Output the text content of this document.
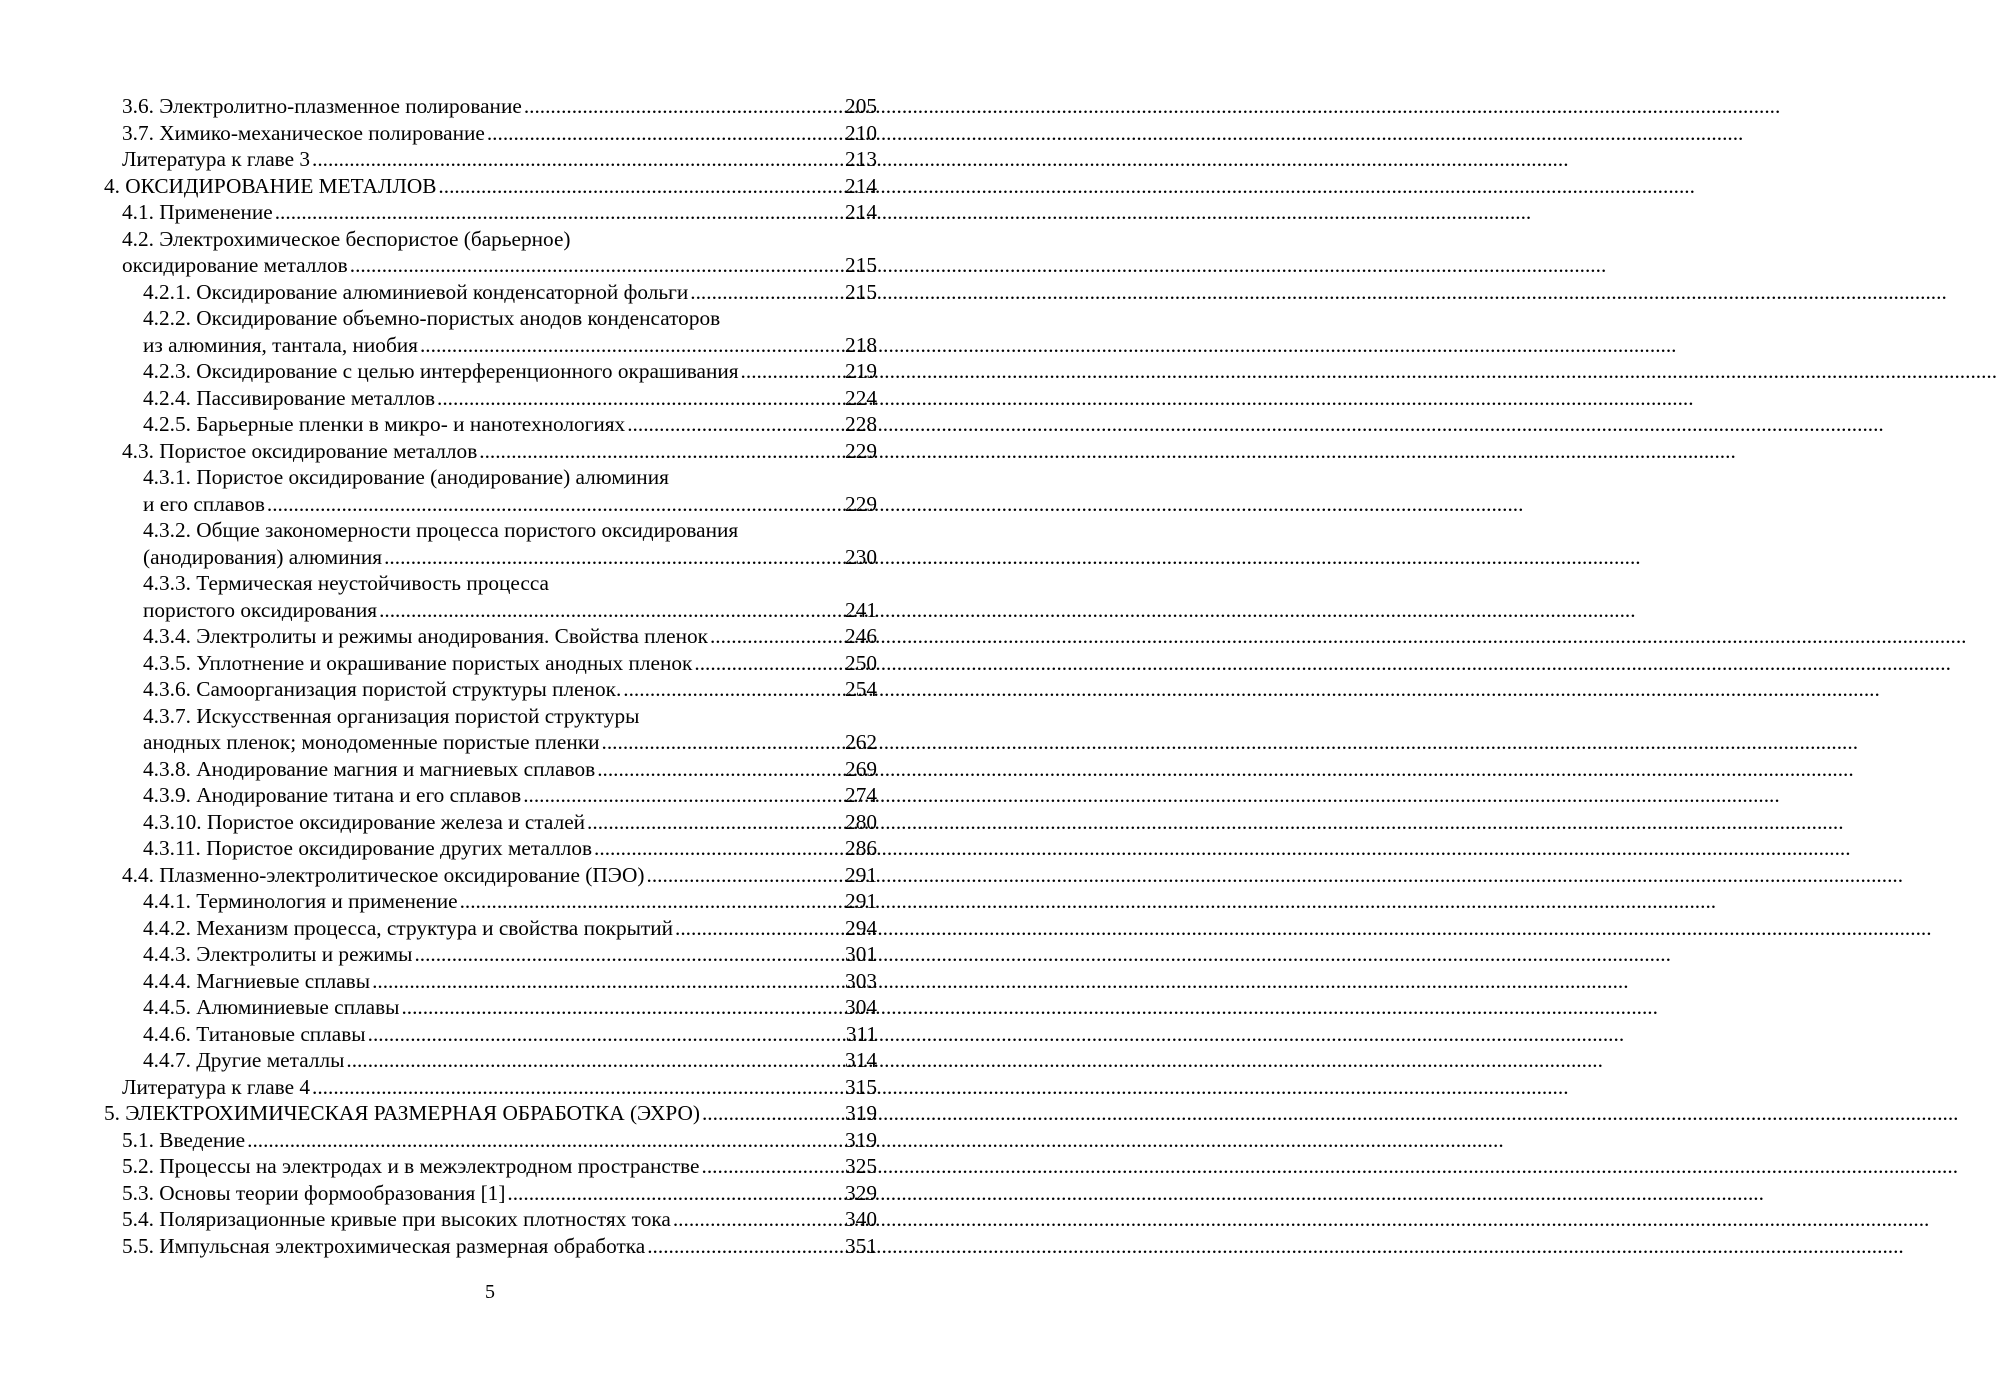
3.6. Электролитно-плазменное полирование .....	205
3.7. Химико-механическое полирование .....	210
Литература к главе 3 .....	213
4. ОКСИДИРОВАНИЕ МЕТАЛЛОВ .....	214
4.1. Применение .....	214
4.2. Электрохимическое беспористое (барьерное)
оксидирование металлов .....	215
4.2.1. Оксидирование алюминиевой конденсаторной фольги .....	215
4.2.2. Оксидирование объемно-пористых анодов конденсаторов
из алюминия, тантала, ниобия .....	218
4.2.3. Оксидирование с целью интерференционного окрашивания .....	219
4.2.4. Пассивирование металлов .....	224
4.2.5. Барьерные пленки в микро- и нанотехнологиях .....	228
4.3. Пористое оксидирование металлов .....	229
4.3.1. Пористое оксидирование (анодирование) алюминия
и его сплавов .....	229
4.3.2. Общие закономерности процесса пористого оксидирования
(анодирования) алюминия .....	230
4.3.3. Термическая неустойчивость процесса
пористого оксидирования .....	241
4.3.4. Электролиты и режимы анодирования. Свойства пленок .....	246
4.3.5. Уплотнение и окрашивание пористых анодных пленок .....	250
4.3.6. Самоорганизация пористой структуры пленок. .....	254
4.3.7. Искусственная организация пористой структуры
анодных пленок; монодоменные пористые пленки .....	262
4.3.8. Анодирование магния и магниевых сплавов .....	269
4.3.9. Анодирование титана и его сплавов .....	274
4.3.10. Пористое оксидирование железа и сталей .....	280
4.3.11. Пористое оксидирование других металлов .....	286
4.4. Плазменно-электролитическое оксидирование (ПЭО) .....	291
4.4.1. Терминология и применение .....	291
4.4.2. Механизм процесса, структура и свойства покрытий .....	294
4.4.3. Электролиты и режимы .....	301
4.4.4. Магниевые сплавы .....	303
4.4.5. Алюминиевые сплавы .....	304
4.4.6. Титановые сплавы .....	311
4.4.7. Другие металлы .....	314
Литература к главе 4 .....	315
5. ЭЛЕКТРОХИМИЧЕСКАЯ РАЗМЕРНАЯ ОБРАБОТКА (ЭХРО) .....	319
5.1. Введение .....	319
5.2. Процессы на электродах и в межэлектродном пространстве .....	325
5.3. Основы теории формообразования [1] .....	329
5.4. Поляризационные кривые при высоких плотностях тока .....	340
5.5. Импульсная электрохимическая размерная обработка .....	351
5
